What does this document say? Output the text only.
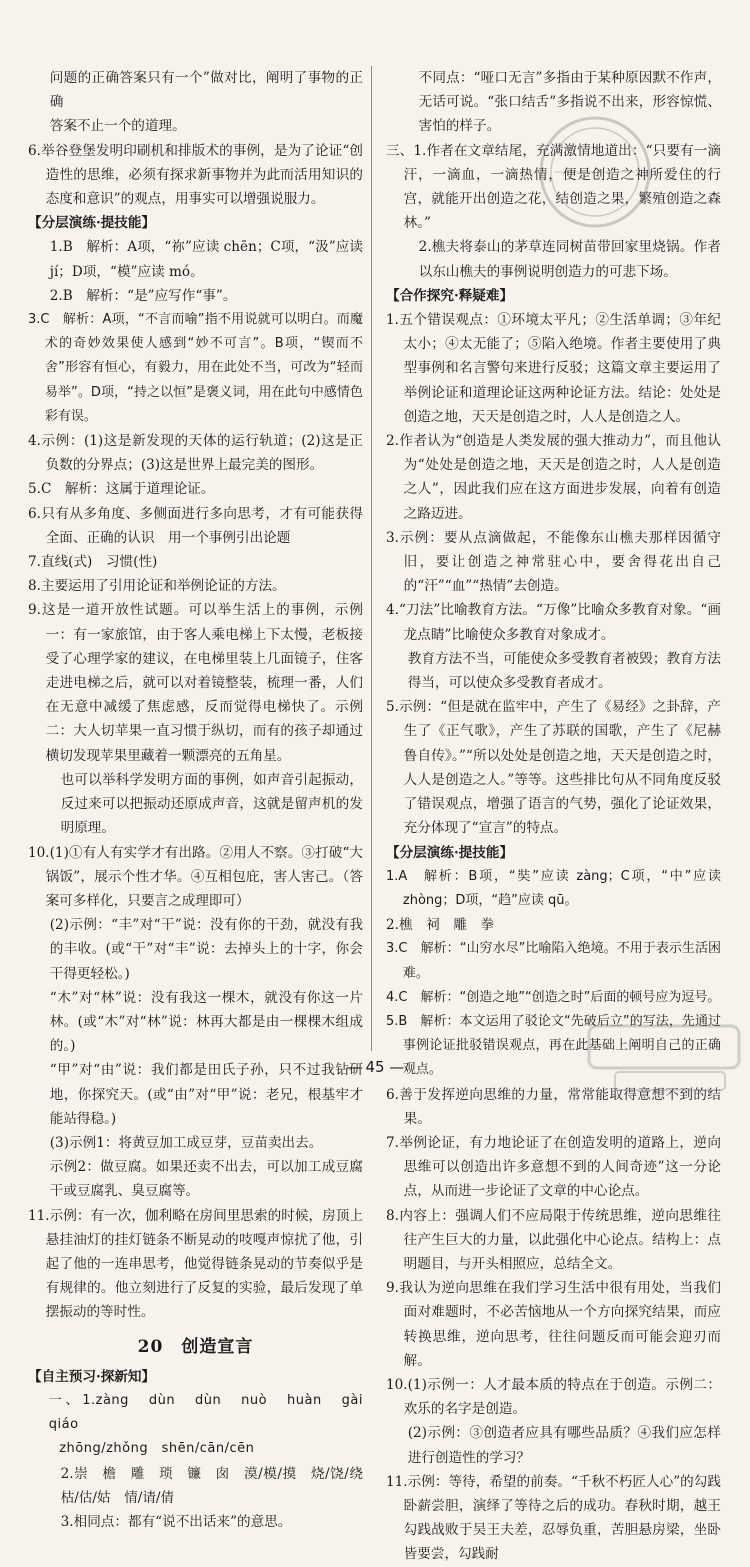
问题的正确答案只有一个”做对比，阐明了事物的正确

答案不止一个的道理。

6.举谷登堡发明印刷机和排版术的事例，是为了论证“创造性的思维，必须有探求新事物并为此而活用知识的态度和意识”的观点，用事实可以增强说服力。

【分层演练·提技能】

1.B　解析：A项，“祢”应读 chēn；C项，“汲”应读 jí；D项，“模”应读 mó。

2.B　解析：“是”应写作“事”。

3.C　解析：A项，“不言而喻”指不用说就可以明白。而魔术的奇妙效果使人感到“妙不可言”。B项，“锲而不舍”形容有恒心，有毅力，用在此处不当，可改为“轻而易举”。D项，“持之以恒”是褒义词，用在此句中感情色彩有误。

4.示例：(1)这是新发现的天体的运行轨道；(2)这是正负数的分界点；(3)这是世界上最完美的图形。

5.C　解析：这属于道理论证。

6.只有从多角度、多侧面进行多向思考，才有可能获得全面、正确的认识　用一个事例引出论题

7.直线(式)　习惯(性)

8.主要运用了引用论证和举例论证的方法。

9.这是一道开放性试题。可以举生活上的事例，示例一：有一家旅馆，由于客人乘电梯上下太慢，老板接受了心理学家的建议，在电梯里装上几面镜子，住客走进电梯之后，就可以对着镜整装，梳理一番，人们在无意中减缓了焦虑感，反而觉得电梯快了。示例二：大人切苹果一直习惯于纵切，而有的孩子却通过横切发现苹果里藏着一颗漂亮的五角星。

也可以举科学发明方面的事例，如声音引起振动，反过来可以把振动还原成声音，这就是留声机的发明原理。

10.(1)①有人有实学才有出路。②用人不察。③打破“大锅饭”，展示个性才华。④互相包庇，害人害己。（答案可多样化，只要言之成理即可）

(2)示例：“丰”对“干”说：没有你的干劲，就没有我的丰收。(或“干”对“丰”说：去掉头上的十字，你会干得更轻松。)

“木”对“林”说：没有我这一棵木，就没有你这一片林。(或“木”对“林”说：林再大都是由一棵棵木组成的。)

“甲”对“由”说：我们都是田氏子孙，只不过我钻研地，你探究天。(或“由”对“甲”说：老兄，根基牢才能站得稳。)

(3)示例1：将黄豆加工成豆芽，豆苗卖出去。

示例2：做豆腐。如果还卖不出去，可以加工成豆腐干或豆腐乳、臭豆腐等。

11.示例：有一次，伽利略在房间里思索的时候，房顶上悬挂油灯的挂灯链条不断晃动的吱嘎声惊扰了他，引起了他的一连串思考，他觉得链条晃动的节奏似乎是有规律的。他立刻进行了反复的实验，最后发现了单摆振动的等时性。

20　创造宣言

【自主预习·探新知】

一、1.zàng　dùn　dùn　nuò　huàn　gài　qiáo

zhōng/zhǒng　shēn/cān/cēn

2.崇　檐　雕　琐　镰　囱　漠/模/摸　烧/饶/绕　枯/估/姑　情/请/倩

3.相同点：都有“说不出话来”的意思。

不同点：“哑口无言”多指由于某种原因默不作声，无话可说。“张口结舌”多指说不出来，形容惊慌、害怕的样子。

三、1.作者在文章结尾，充满激情地道出：“只要有一滴汗，一滴血，一滴热情，便是创造之神所爱住的行宫，就能开出创造之花，结创造之果，繁殖创造之森林。”

2.樵夫将泰山的茅草连同树苗带回家里烧锅。作者以东山樵夫的事例说明创造力的可悲下场。

【合作探究·释疑难】

1.五个错误观点：①环境太平凡；②生活单调；③年纪太小；④太无能了；⑤陷入绝境。作者主要使用了典型事例和名言警句来进行反驳；这篇文章主要运用了举例论证和道理论证这两种论证方法。结论：处处是创造之地，天天是创造之时，人人是创造之人。

2.作者认为“创造是人类发展的强大推动力”，而且他认为“处处是创造之地，天天是创造之时，人人是创造之人”，因此我们应在这方面进步发展，向着有创造之路迈进。

3.示例：要从点滴做起，不能像东山樵夫那样因循守旧，要让创造之神常驻心中，要舍得花出自己的“汗”“血”“热情”去创造。

4.“刀法”比喻教育方法。“万像”比喻众多教育对象。“画龙点睛”比喻使众多教育对象成才。

教育方法不当，可能使众多受教育者被毁；教育方法得当，可以使众多受教育者成才。

5.示例：“但是就在监牢中，产生了《易经》之卦辞，产生了《正气歌》，产生了苏联的国歌，产生了《尼赫鲁自传》。”“所以处处是创造之地，天天是创造之时，人人是创造之人。”等等。这些排比句从不同角度反驳了错误观点，增强了语言的气势，强化了论证效果，充分体现了“宣言”的特点。

【分层演练·提技能】

1.A　解析：B项，“奘”应读 zàng；C项，“中”应读 zhòng；D项，“趋”应读 qū。

2.樵　祠　雕　拳

3.C　解析：“山穷水尽”比喻陷入绝境。不用于表示生活困难。

4.C　解析：“创造之地”“创造之时”后面的顿号应为逗号。

5.B　解析：本文运用了驳论文“先破后立”的写法，先通过事例论证批驳错误观点，再在此基础上阐明自己的正确观点。

6.善于发挥逆向思维的力量，常常能取得意想不到的结果。

7.举例论证，有力地论证了在创造发明的道路上，逆向思维可以创造出许多意想不到的人间奇迹”这一分论点，从而进一步论证了文章的中心论点。

8.内容上：强调人们不应局限于传统思维，逆向思维往往产生巨大的力量，以此强化中心论点。结构上：点明题目，与开头相照应，总结全文。

9.我认为逆向思维在我们学习生活中很有用处，当我们面对难题时，不必苦恼地从一个方向探究结果，而应转换思维，逆向思考，往往问题反而可能会迎刃而解。

10.(1)示例一：人才最本质的特点在于创造。示例二：欢乐的名字是创造。

(2)示例：③创造者应具有哪些品质？④我们应怎样进行创造性的学习？

11.示例：等待，希望的前奏。“千秋不朽匠人心”的勾践卧薪尝胆，演绎了等待之后的成功。春秋时期，越王勾践战败于吴王夫差，忍辱负重，苦胆悬房梁，坐卧皆要尝，勾践耐

— 45 —
